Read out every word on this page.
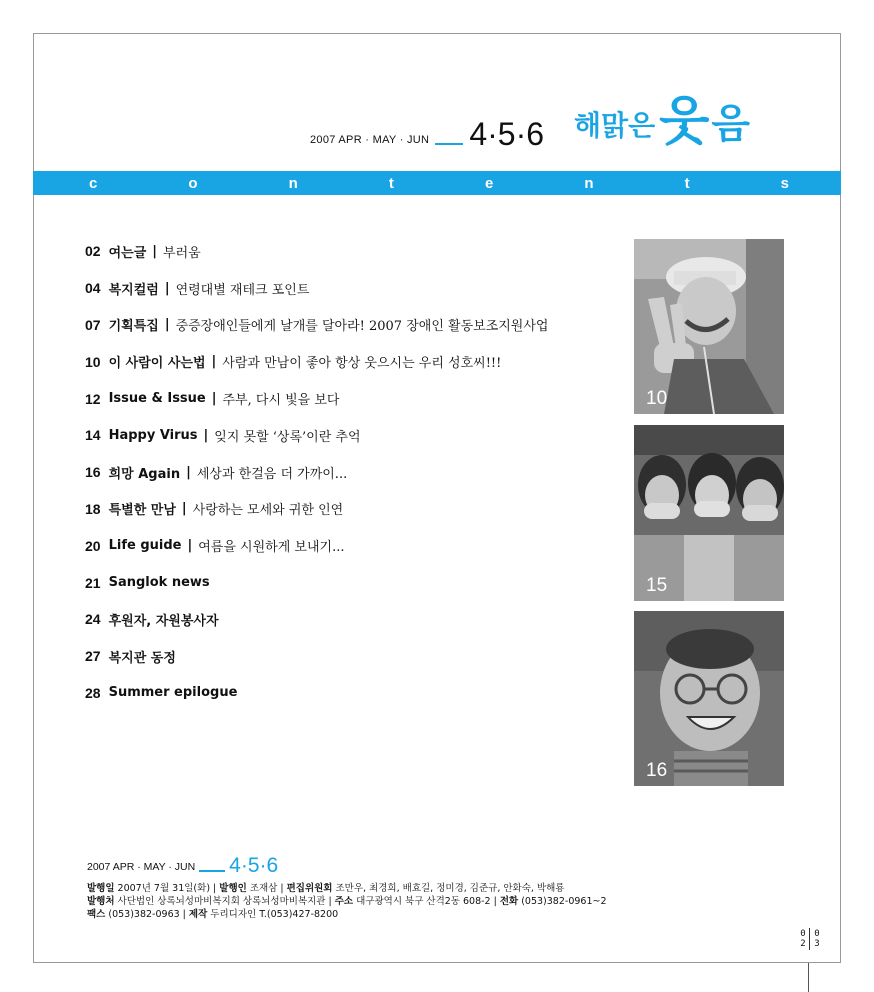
2007 APR · MAY · JUN 4·5·6 해맑은 웃 음
c	o	n	t	e	n	t	s
02 여는글 | 부러움
04 복지컬럼 | 연령대별 재테크 포인트
07 기획특집 | 중증장애인들에게 날개를 달아라! 2007 장애인 활동보조지원사업
10 이 사람이 사는법 | 사람과 만남이 좋아 항상 웃으시는 우리 성호씨!!!
12 Issue & Issue | 주부, 다시 빛을 보다
14 Happy Virus | 잊지 못할 ‘상록’이란 추억
16 희망 Again | 세상과 한걸음 더 가까이...
18 특별한 만남 | 사랑하는 모세와 귀한 인연
20 Life guide | 여름을 시원하게 보내기...
21 Sanglok news
24 후원자, 자원봉사자
27 복지관 동정
28 Summer epilogue
10
15
16
2007 APR · MAY · JUN 4·5·6
발행일 2007년 7월 31일(화) | 발행인 조재삼 | 편집위원회 조만우, 최경희, 배효길, 정미경, 김준규, 안화숙, 박해룡
발행처 사단법인 상록뇌성마비복지회 상록뇌성마비복지관 | 주소 대구광역시 북구 산격2동 608-2 | 전화 (053)382-0961~2
팩스 (053)382-0963 | 제작 두리디자인 T.(053)427-8200
02 03
